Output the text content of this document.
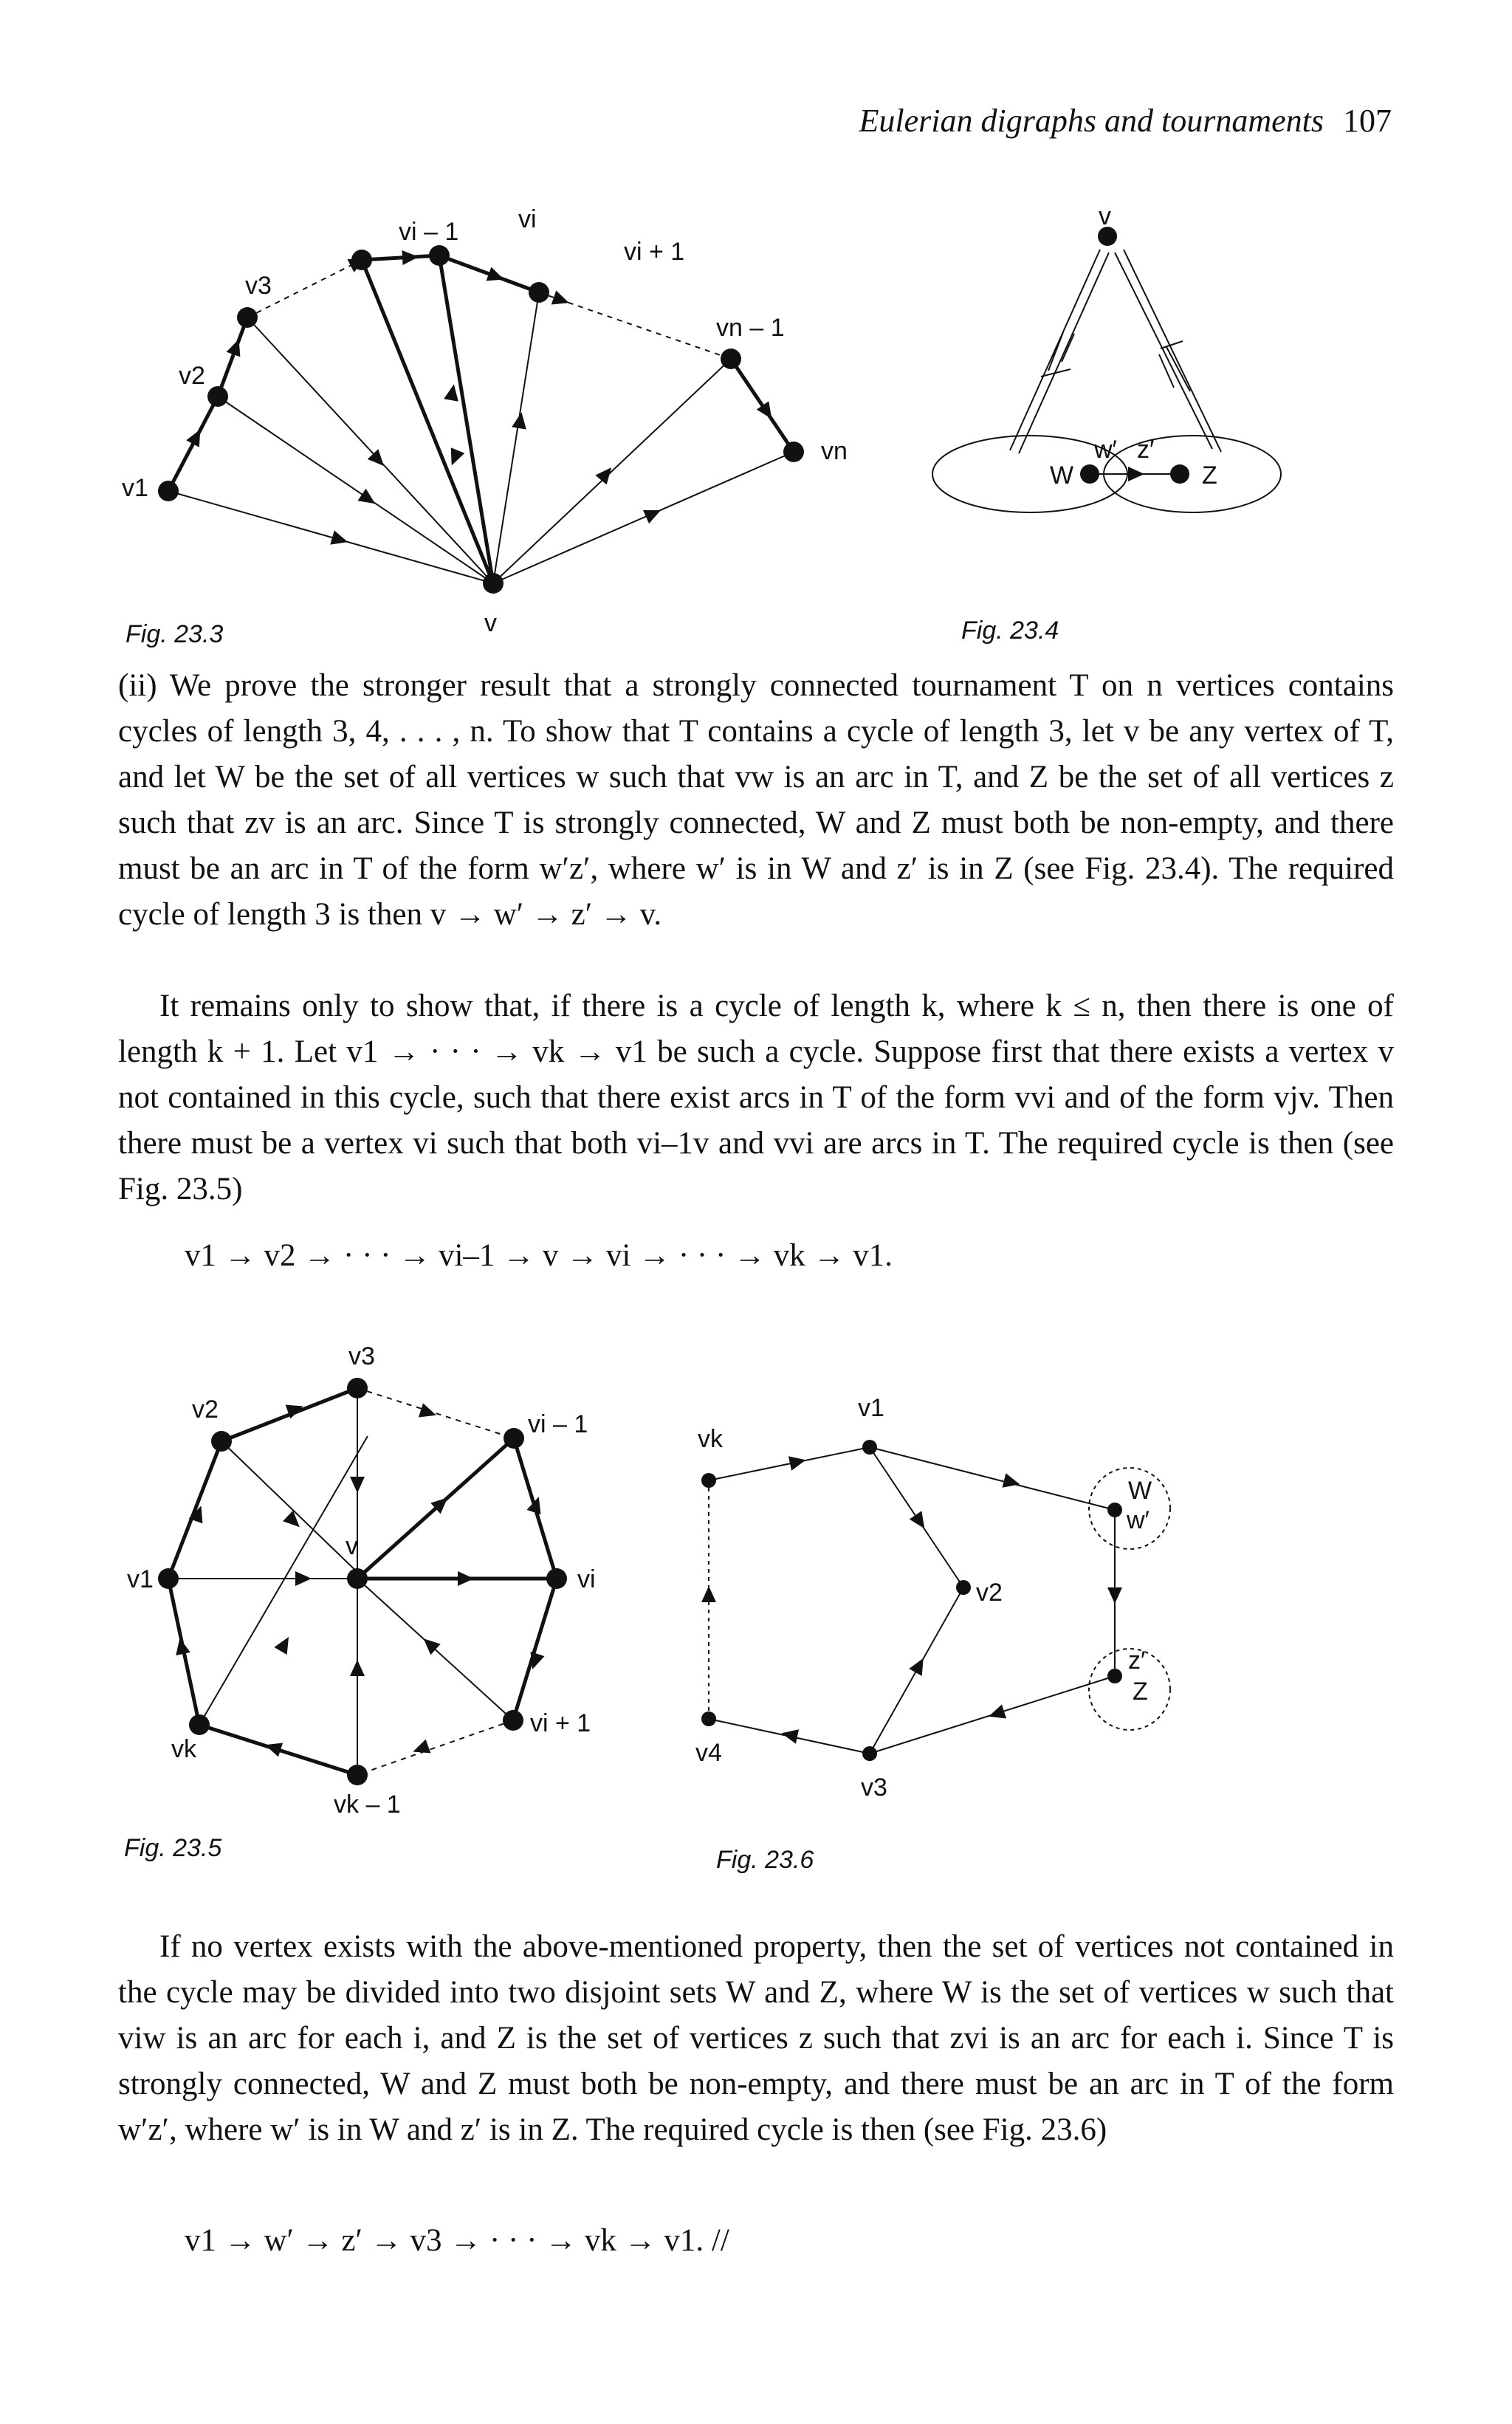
Eulerian digraphs and tournaments 107
v1
v2
v3
vi – 1 vi
vi + 1
vn – 1
vn
v
Fig. 23.3
v
W
w′ z′
Z
Fig. 23.4

(ii) We prove the stronger result that a strongly connected tournament T on n vertices contains cycles of length 3, 4, . . . , n. To show that T contains a cycle of length 3, let v be any vertex of T, and let W be the set of all vertices w such that vw is an arc in T, and Z be the set of all vertices z such that zv is an arc. Since T is strongly connected, W and Z must both be non-empty, and there must be an arc in T of the form w′z′, where w′ is in W and z′ is in Z (see Fig. 23.4). The required cycle of length 3 is then v → w′ → z′ → v.

It remains only to show that, if there is a cycle of length k, where k ≤ n, then there is one of length k + 1. Let v1 → · · · → vk → v1 be such a cycle. Suppose first that there exists a vertex v not contained in this cycle, such that there exist arcs in T of the form vvi and of the form vjv. Then there must be a vertex vi such that both vi–1v and vvi are arcs in T. The required cycle is then (see Fig. 23.5)

v1 → v2 → · · · → vi–1 → v → vi → · · · → vk → v1.

v3
v2
vi – 1
v
v1	vi
vk
vi + 1
vk – 1
Fig. 23.5
vk
v1
W
w′
v2
z′
Z
v4
v3
Fig. 23.6

If no vertex exists with the above-mentioned property, then the set of vertices not contained in the cycle may be divided into two disjoint sets W and Z, where W is the set of vertices w such that viw is an arc for each i, and Z is the set of vertices z such that zvi is an arc for each i. Since T is strongly connected, W and Z must both be non-empty, and there must be an arc in T of the form w′z′, where w′ is in W and z′ is in Z. The required cycle is then (see Fig. 23.6)

v1 → w′ → z′ → v3 → · · · → vk → v1. //
